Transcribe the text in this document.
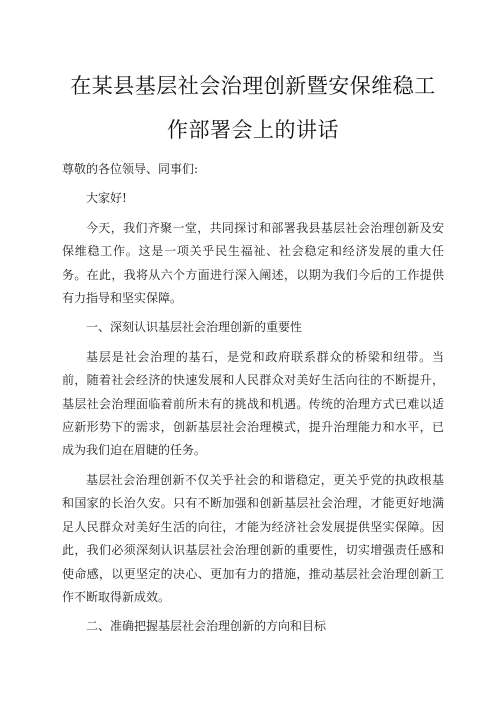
在某县基层社会治理创新暨安保维稳工
作部署会上的讲话

尊敬的各位领导、同事们:

大家好!

今天，我们齐聚一堂，共同探讨和部署我县基层社会治理创新及安保维稳工作。这是一项关乎民生福祉、社会稳定和经济发展的重大任务。在此，我将从六个方面进行深入阐述，以期为我们今后的工作提供有力指导和坚实保障。

一、深刻认识基层社会治理创新的重要性

基层是社会治理的基石，是党和政府联系群众的桥梁和纽带。当前，随着社会经济的快速发展和人民群众对美好生活向往的不断提升，基层社会治理面临着前所未有的挑战和机遇。传统的治理方式已难以适应新形势下的需求，创新基层社会治理模式，提升治理能力和水平，已成为我们迫在眉睫的任务。

基层社会治理创新不仅关乎社会的和谐稳定，更关乎党的执政根基和国家的长治久安。只有不断加强和创新基层社会治理，才能更好地满足人民群众对美好生活的向往，才能为经济社会发展提供坚实保障。因此，我们必须深刻认识基层社会治理创新的重要性，切实增强责任感和使命感，以更坚定的决心、更加有力的措施，推动基层社会治理创新工作不断取得新成效。

二、准确把握基层社会治理创新的方向和目标
